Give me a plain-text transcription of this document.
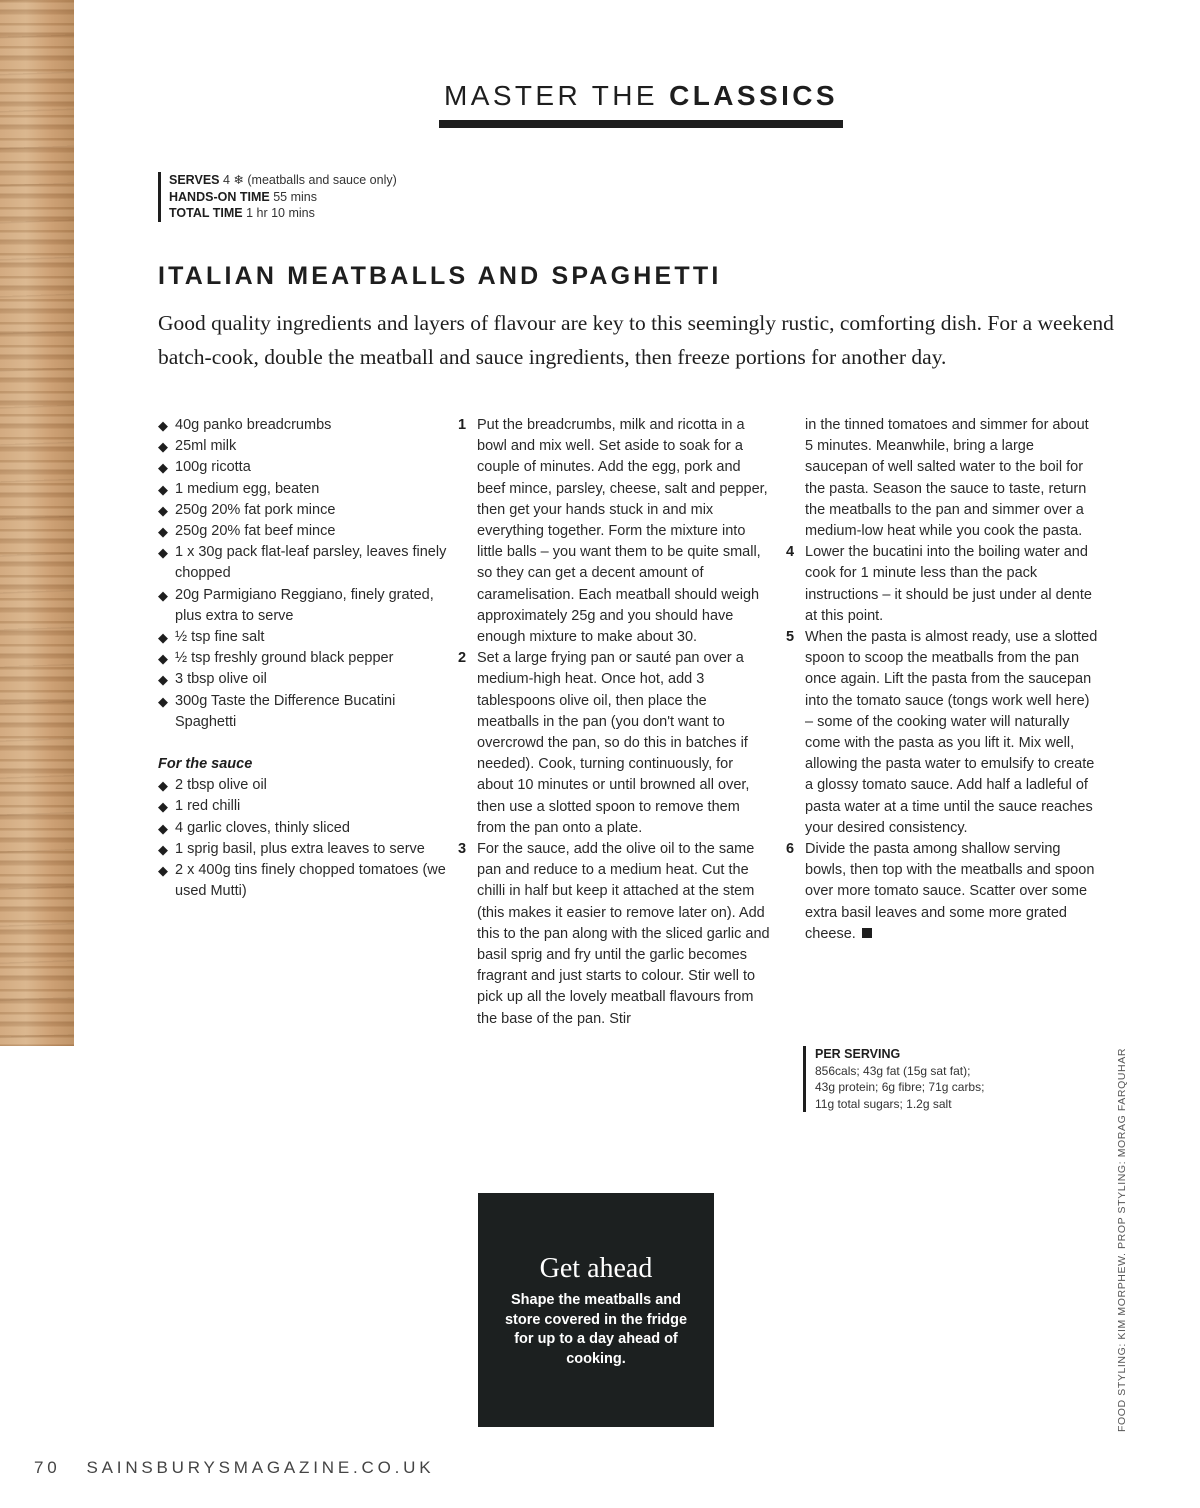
MASTER THE CLASSICS
SERVES 4 ❄ (meatballs and sauce only)
HANDS-ON TIME 55 mins
TOTAL TIME 1 hr 10 mins
ITALIAN MEATBALLS AND SPAGHETTI
Good quality ingredients and layers of flavour are key to this seemingly rustic, comforting dish. For a weekend batch-cook, double the meatball and sauce ingredients, then freeze portions for another day.
◆ 40g panko breadcrumbs
◆ 25ml milk
◆ 100g ricotta
◆ 1 medium egg, beaten
◆ 250g 20% fat pork mince
◆ 250g 20% fat beef mince
◆ 1 x 30g pack flat-leaf parsley, leaves finely chopped
◆ 20g Parmigiano Reggiano, finely grated, plus extra to serve
◆ ½ tsp fine salt
◆ ½ tsp freshly ground black pepper
◆ 3 tbsp olive oil
◆ 300g Taste the Difference Bucatini Spaghetti
For the sauce
◆ 2 tbsp olive oil
◆ 1 red chilli
◆ 4 garlic cloves, thinly sliced
◆ 1 sprig basil, plus extra leaves to serve
◆ 2 x 400g tins finely chopped tomatoes (we used Mutti)

1 Put the breadcrumbs, milk and ricotta in a bowl and mix well. Set aside to soak for a couple of minutes. Add the egg, pork and beef mince, parsley, cheese, salt and pepper, then get your hands stuck in and mix everything together. Form the mixture into little balls – you want them to be quite small, so they can get a decent amount of caramelisation. Each meatball should weigh approximately 25g and you should have enough mixture to make about 30.

2 Set a large frying pan or sauté pan over a medium-high heat. Once hot, add 3 tablespoons olive oil, then place the meatballs in the pan (you don't want to overcrowd the pan, so do this in batches if needed). Cook, turning continuously, for about 10 minutes or until browned all over, then use a slotted spoon to remove them from the pan onto a plate.

3 For the sauce, add the olive oil to the same pan and reduce to a medium heat. Cut the chilli in half but keep it attached at the stem (this makes it easier to remove later on). Add this to the pan along with the sliced garlic and basil sprig and fry until the garlic becomes fragrant and just starts to colour. Stir well to pick up all the lovely meatball flavours from the base of the pan. Stir

in the tinned tomatoes and simmer for about 5 minutes. Meanwhile, bring a large saucepan of well salted water to the boil for the pasta. Season the sauce to taste, return the meatballs to the pan and simmer over a medium-low heat while you cook the pasta.

4 Lower the bucatini into the boiling water and cook for 1 minute less than the pack instructions – it should be just under al dente at this point.

5 When the pasta is almost ready, use a slotted spoon to scoop the meatballs from the pan once again. Lift the pasta from the saucepan into the tomato sauce (tongs work well here) – some of the cooking water will naturally come with the pasta as you lift it. Mix well, allowing the pasta water to emulsify to create a glossy tomato sauce. Add half a ladleful of pasta water at a time until the sauce reaches your desired consistency.

6 Divide the pasta among shallow serving bowls, then top with the meatballs and spoon over more tomato sauce. Scatter over some extra basil leaves and some more grated cheese.

PER SERVING
856cals; 43g fat (15g sat fat);
43g protein; 6g fibre; 71g carbs;
11g total sugars; 1.2g salt
Get ahead
Shape the meatballs and store covered in the fridge for up to a day ahead of cooking.	FOOD STYLING: KIM MORPHEW. PROP STYLING: MORAG FARQUHAR
70 SAINSBURYSMAGAZINE.CO.UK
